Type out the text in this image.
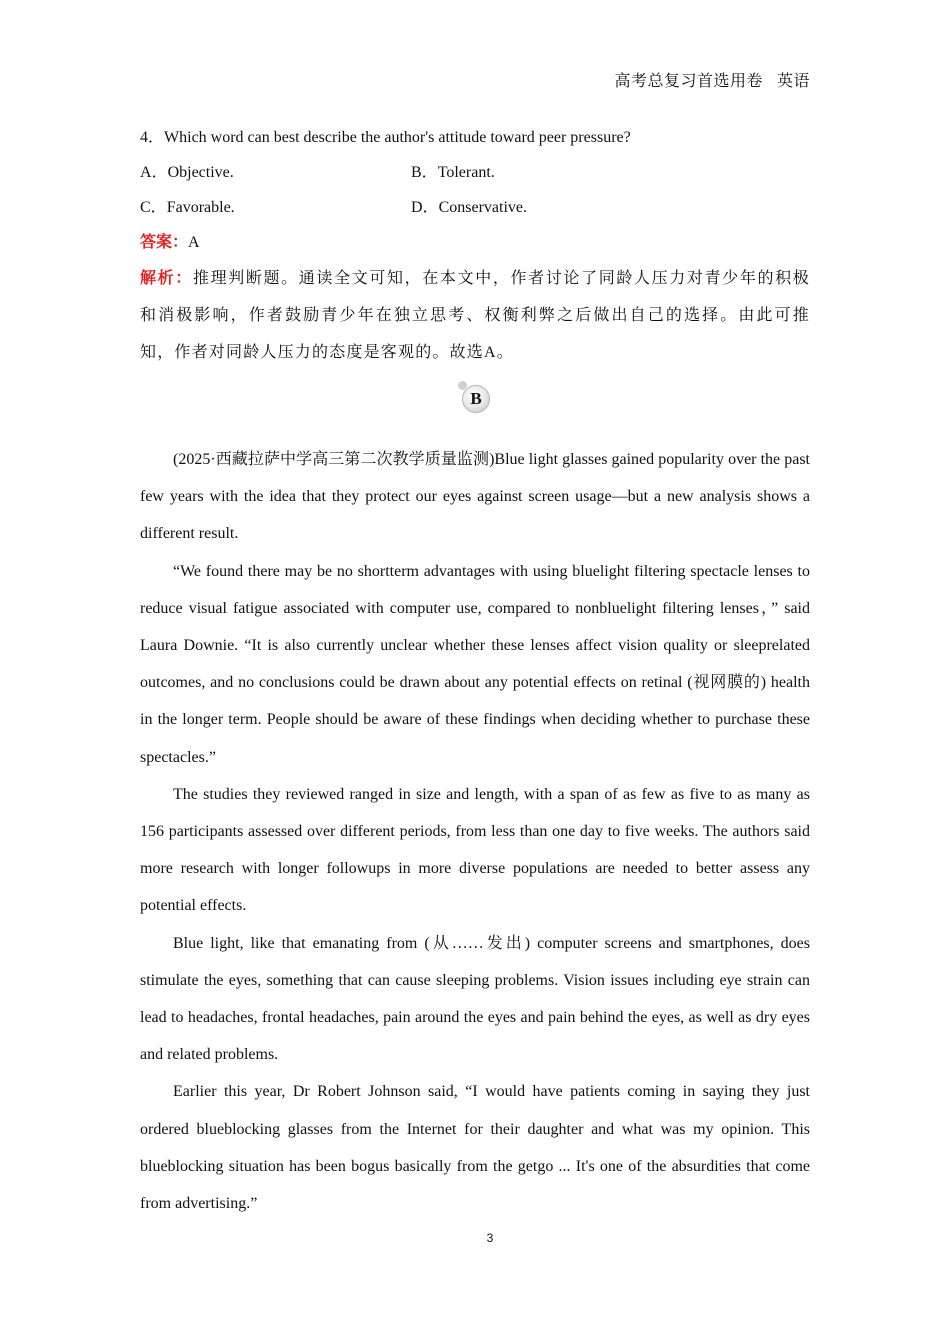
高考总复习首选用卷 英语
4．Which word can best describe the author's attitude toward peer pressure?
A．Objective.	B．Tolerant.
C．Favorable.	D．Conservative.
答案：A
解析：推理判断题。通读全文可知，在本文中，作者讨论了同龄人压力对青少年的积极和消极影响，作者鼓励青少年在独立思考、权衡利弊之后做出自己的选择。由此可推知，作者对同龄人压力的态度是客观的。故选A。
B

(2025·西藏拉萨中学高三第二次教学质量监测)Blue light glasses gained popularity over the past few years with the idea that they protect our eyes against screen usage—but a new analysis shows a different result.

“We found there may be no shortterm advantages with using bluelight filtering spectacle lenses to reduce visual fatigue associated with computer use, compared to nonbluelight filtering lenses，” said Laura Downie. “It is also currently unclear whether these lenses affect vision quality or sleeprelated outcomes, and no conclusions could be drawn about any potential effects on retinal (视网膜的) health in the longer term. People should be aware of these findings when deciding whether to purchase these spectacles.”

The studies they reviewed ranged in size and length, with a span of as few as five to as many as 156 participants assessed over different periods, from less than one day to five weeks. The authors said more research with longer followups in more diverse populations are needed to better assess any potential effects.

Blue light, like that emanating from (从……发出) computer screens and smartphones, does stimulate the eyes, something that can cause sleeping problems. Vision issues including eye strain can lead to headaches, frontal headaches, pain around the eyes and pain behind the eyes, as well as dry eyes and related problems.

Earlier this year, Dr Robert Johnson said, “I would have patients coming in saying they just ordered blueblocking glasses from the Internet for their daughter and what was my opinion. This blueblocking situation has been bogus basically from the getgo ... It's one of the absurdities that come from advertising.”

3
